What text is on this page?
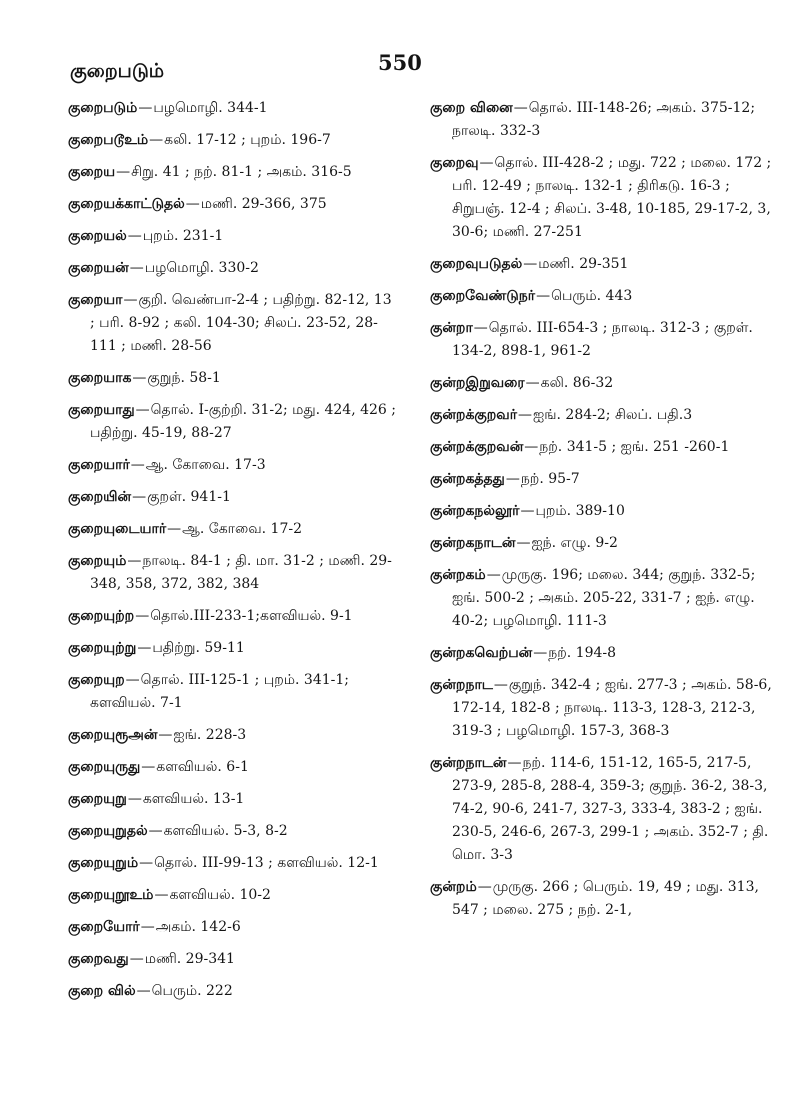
குறைபடும்	550
குறைபடும்—பழமொழி. 344-1
குறைபடூஉம்—கலி. 17-12 ; புறம். 196-7
குறைய—சிறு. 41 ; நற். 81-1 ; அகம். 316-5
குறையக்காட்டுதல்—மணி. 29-366, 375
குறையல்—புறம். 231-1
குறையன்—பழமொழி. 330-2
குறையா—குறி. வெண்பா-2-4 ; பதிற்று. 82-12, 13 ; பரி. 8-92 ; கலி. 104-30; சிலப். 23-52, 28-111 ; மணி. 28-56
குறையாக—குறுந். 58-1
குறையாது—தொல். I-குற்றி. 31-2; மது. 424, 426 ; பதிற்று. 45-19, 88-27
குறையார்—ஆ. கோவை. 17-3
குறையின்—குறள். 941-1
குறையுடையார்—ஆ. கோவை. 17-2
குறையும்—நாலடி. 84-1 ; தி. மா. 31-2 ; மணி. 29-348, 358, 372, 382, 384
குறையுற்ற—தொல்.III-233-1;களவியல். 9-1
குறையுற்று—பதிற்று. 59-11
குறையுற—தொல். III-125-1 ; புறம். 341-1; களவியல். 7-1
குறையுரூஅன்—ஐங். 228-3
குறையுருது—களவியல். 6-1
குறையுறு—களவியல். 13-1
குறையுறுதல்—களவியல். 5-3, 8-2
குறையுறும்—தொல். III-99-13 ; களவியல். 12-1
குறையுறூஉம்—களவியல். 10-2
குறையோர்—அகம். 142-6
குறைவது—மணி. 29-341
குறை வில்—பெரும். 222
குறை வினை—தொல். III-148-26; அகம். 375-12; நாலடி. 332-3
குறைவு—தொல். III-428-2 ; மது. 722 ; மலை. 172 ; பரி. 12-49 ; நாலடி. 132-1 ; திரிகடு. 16-3 ; சிறுபஞ். 12-4 ; சிலப். 3-48, 10-185, 29-17-2, 3, 30-6; மணி. 27-251
குறைவுபடுதல்—மணி. 29-351
குறைவேண்டுநர்—பெரும். 443
குன்றா—தொல். III-654-3 ; நாலடி. 312-3 ; குறள். 134-2, 898-1, 961-2
குன்றஇறுவரை—கலி. 86-32
குன்றக்குறவர்—ஐங். 284-2; சிலப். பதி.3
குன்றக்குறவன்—நற். 341-5 ; ஐங். 251 -260-1
குன்றகத்தது—நற். 95-7
குன்றகநல்லூர்—புறம். 389-10
குன்றகநாடன்—ஐந். எழு. 9-2
குன்றகம்—முருகு. 196; மலை. 344; குறுந். 332-5; ஐங். 500-2 ; அகம். 205-22, 331-7 ; ஐந். எழு. 40-2; பழமொழி. 111-3
குன்றகவெற்பன்—நற். 194-8
குன்றநாட—குறுந். 342-4 ; ஐங். 277-3 ; அகம். 58-6, 172-14, 182-8 ; நாலடி. 113-3, 128-3, 212-3, 319-3 ; பழமொழி. 157-3, 368-3
குன்றநாடன்—நற். 114-6, 151-12, 165-5, 217-5, 273-9, 285-8, 288-4, 359-3; குறுந். 36-2, 38-3, 74-2, 90-6, 241-7, 327-3, 333-4, 383-2 ; ஐங். 230-5, 246-6, 267-3, 299-1 ; அகம். 352-7 ; தி. மொ. 3-3
குன்றம்—முருகு. 266 ; பெரும். 19, 49 ; மது. 313, 547 ; மலை. 275 ; நற். 2-1,
